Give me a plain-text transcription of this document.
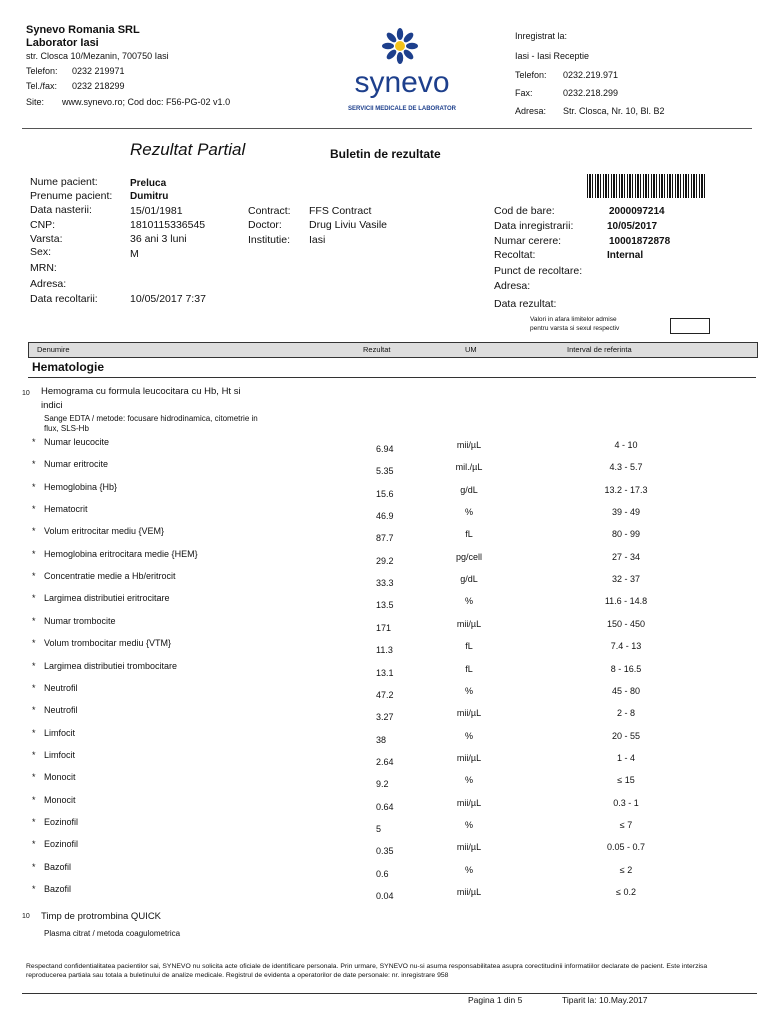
Synevo Romania SRL
Laborator Iasi
str. Closca 10/Mezanin, 700750 Iasi
Telefon: 0232 219971
Tel./fax: 0232 218299
Site: www.synevo.ro; Cod doc: F56-PG-02 v1.0
synevo
SERVICII MEDICALE DE LABORATOR
Inregistrat la:
Iasi - Iasi Receptie
Telefon: 0232.219.971
Fax:	0232.218.299
Adresa: Str. Closca, Nr. 10, Bl. B2
Rezultat Partial	Buletin de rezultate
Nume pacient:	Preluca
Prenume pacient: Dumitru
Data nasterii:	15/01/1981
CNP:	1810115336545
Varsta:	36 ani 3 luni
Sex:	M
MRN:
Adresa:
Data recoltarii:	10/05/2017 7:37
Contract: FFS Contract
Doctor:	Drug Liviu Vasile
Institutie: Iasi
Cod de bare:	2000097214
Data inregistrarii:	10/05/2017
Numar cerere:	10001872878
Recoltat:	Internal
Punct de recoltare:
Adresa:
Data rezultat:
Valori in afara limitelor admise
pentru varsta si sexul respectiv
Denumire	Rezultat	UM	Interval de referinta
Hematologie
10 Hemograma cu formula leucocitara cu Hb, Ht si
indici
Sange EDTA / metode: focusare hidrodinamica, citometrie in
flux, SLS-Hb
* Numar leucocite
6.94	mii/µL	4 - 10
* Numar eritrocite
5.35	mil./µL	4.3 - 5.7
* Hemoglobina {Hb}
15.6	g/dL	13.2 - 17.3
* Hematocrit
46.9	%	39 - 49
* Volum eritrocitar mediu {VEM}
87.7	fL	80 - 99
* Hemoglobina eritrocitara medie {HEM}
29.2	pg/cell	27 - 34
* Concentratie medie a Hb/eritrocit
33.3	g/dL	32 - 37
* Largimea distributiei eritrocitare
13.5	%	11.6 - 14.8
* Numar trombocite
171	mii/µL	150 - 450
* Volum trombocitar mediu {VTM}
11.3	fL	7.4 - 13
* Largimea distributiei trombocitare
13.1	fL	8 - 16.5
* Neutrofil
47.2	%	45 - 80
* Neutrofil
3.27	mii/µL	2 - 8
* Limfocit
38	%	20 - 55
* Limfocit
2.64	mii/µL	1 - 4
* Monocit
9.2	%	≤ 15
* Monocit
0.64	mii/µL	0.3 - 1
* Eozinofil
5	%	≤ 7
* Eozinofil
0.35	mii/µL	0.05 - 0.7
* Bazofil
0.6	%	≤ 2
* Bazofil
0.04	mii/µL	≤ 0.2
10 Timp de protrombina QUICK
Plasma citrat / metoda coagulometrica
Respectand confidentialitatea pacientilor sai, SYNEVO nu solicita acte oficiale de identificare personala. Prin urmare, SYNEVO nu-si asuma responsabilitatea asupra corectitudinii informatiilor declarate de pacient. Este interzisa reproducerea partiala sau totala a buletinului de analize medicale. Registrul de evidenta a operatorilor de date personale: nr. inregistrare 958
Pagina 1 din 5	Tiparit la: 10.May.2017
